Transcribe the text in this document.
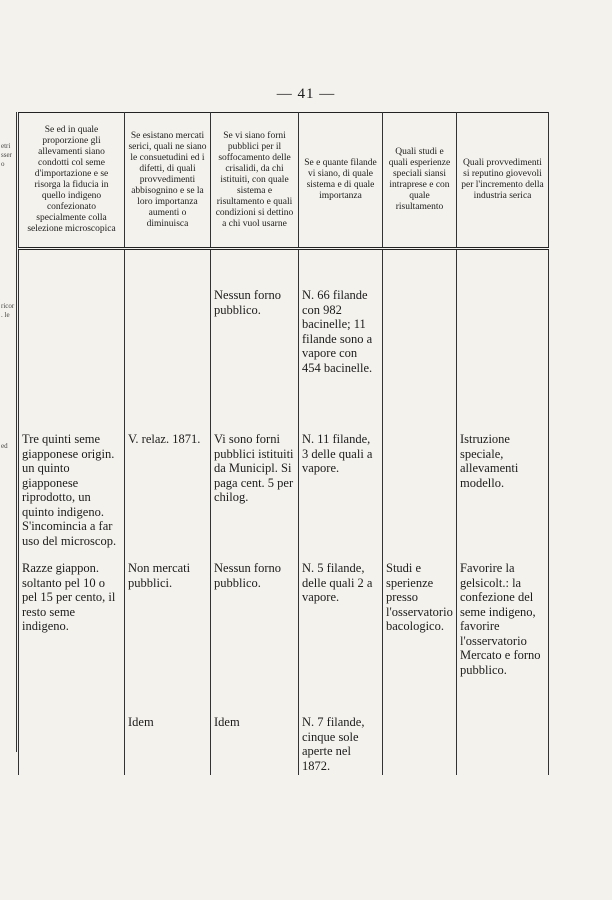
— 41 —
etri ssero
ricor. le
ed
Se ed in quale proporzione gli allevamenti siano condotti col seme d'importazione e se risorga la fiducia in quello indigeno confezionato specialmente colla selezione microscopica	Se esistano mercati serici, quali ne siano le consuetudini ed i difetti, di quali provvedimenti abbisognino e se la loro importanza aumenti o diminuisca	Se vi siano forni pubblici per il soffocamento delle crisalidi, da chi istituiti, con quale sistema e risultamento e quali condizioni si dettino a chi vuol usarne	Se e quante filande vi siano, di quale sistema e di quale importanza	Quali studi e quali esperienze speciali siansi intraprese e con quale risultamento	Quali provvedimenti si reputino giovevoli per l'incremento della industria serica

		Nessun forno pubblico.	N. 66 filande con 982 bacinelle; 11 filande sono a vapore con 454 bacinelle.		
Tre quinti seme giapponese origin. un quinto giapponese riprodotto, un quinto indigeno. S'incomincia a far uso del microscop.	V. relaz. 1871.	Vi sono forni pubblici istituiti da Municipl. Si paga cent. 5 per chilog.	N. 11 filande, 3 delle quali a vapore.		Istruzione speciale, allevamenti modello.
Razze giappon. soltanto pel 10 o pel 15 per cento, il resto seme indigeno.	Non mercati pubblici.	Nessun forno pubblico.	N. 5 filande, delle quali 2 a vapore.	Studi e sperienze presso l'osservatorio bacologico.	Favorire la gelsicolt.: la confezione del seme indigeno, favorire l'osservatorio Mercato e forno pubblico.
	Idem	Idem	N. 7 filande, cinque sole aperte nel 1872.		
